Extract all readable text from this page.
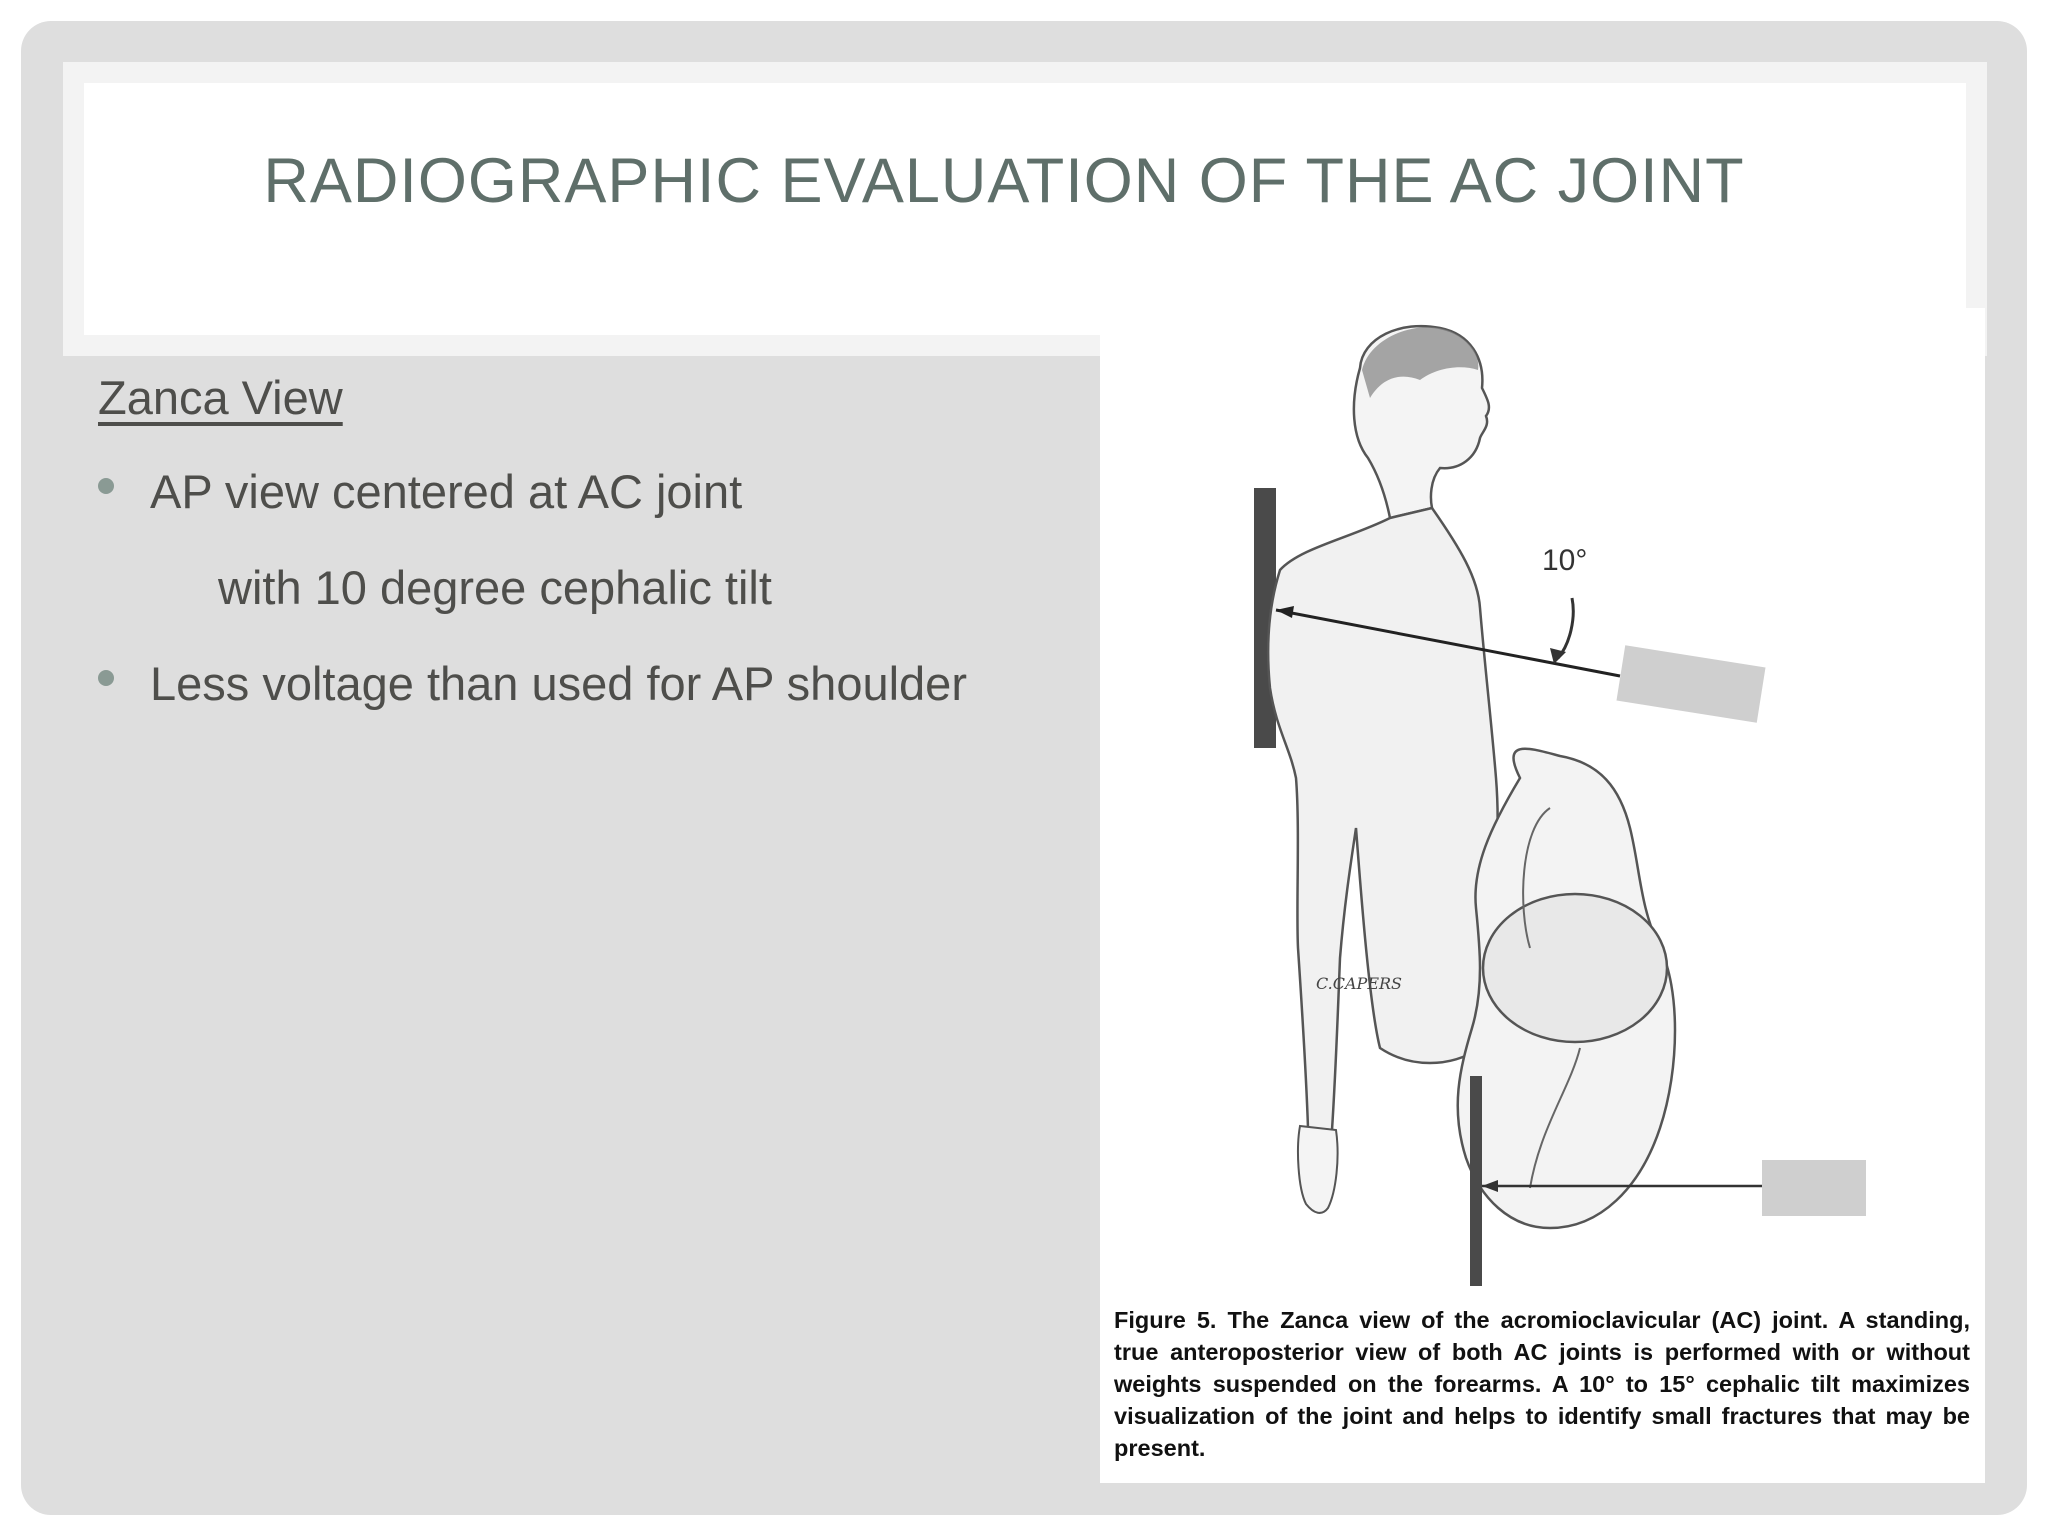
RADIOGRAPHIC EVALUATION OF THE AC JOINT
Zanca View
AP view centered at AC joint
with 10 degree cephalic tilt
Less voltage than used for AP shoulder
10°
C.CAPERS
Figure 5. The Zanca view of the acromioclavicular (AC) joint. A standing, true anteroposterior view of both AC joints is performed with or without weights suspended on the forearms. A 10° to 15° cephalic tilt maximizes visualization of the joint and helps to identify small fractures that may be present.
